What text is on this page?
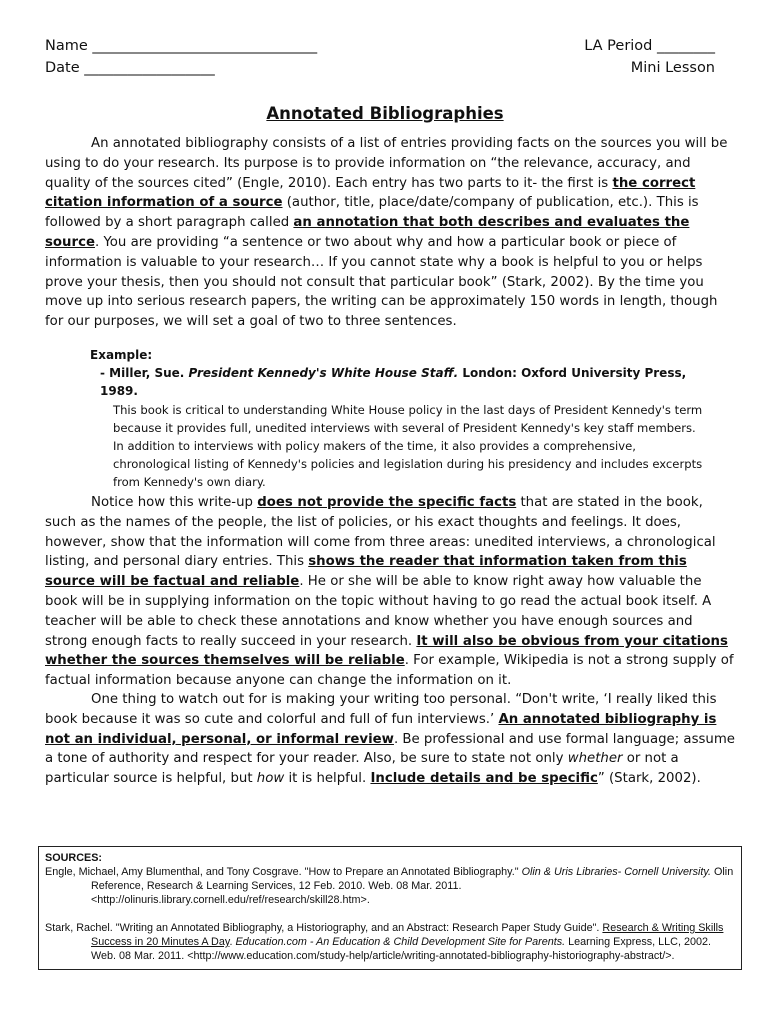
Name _______________________________
Date __________________
LA Period ________
Mini Lesson
Annotated Bibliographies
An annotated bibliography consists of a list of entries providing facts on the sources you will be using to do your research. Its purpose is to provide information on “the relevance, accuracy, and quality of the sources cited” (Engle, 2010). Each entry has two parts to it- the first is the correct citation information of a source (author, title, place/date/company of publication, etc.). This is followed by a short paragraph called an annotation that both describes and evaluates the source. You are providing “a sentence or two about why and how a particular book or piece of information is valuable to your research… If you cannot state why a book is helpful to you or helps prove your thesis, then you should not consult that particular book” (Stark, 2002). By the time you move up into serious research papers, the writing can be approximately 150 words in length, though for our purposes, we will set a goal of two to three sentences.
Example:
- Miller, Sue. President Kennedy's White House Staff. London: Oxford University Press, 1989.
This book is critical to understanding White House policy in the last days of President Kennedy's term because it provides full, unedited interviews with several of President Kennedy's key staff members. In addition to interviews with policy makers of the time, it also provides a comprehensive, chronological listing of Kennedy's policies and legislation during his presidency and includes excerpts from Kennedy's own diary.
Notice how this write-up does not provide the specific facts that are stated in the book, such as the names of the people, the list of policies, or his exact thoughts and feelings. It does, however, show that the information will come from three areas: unedited interviews, a chronological listing, and personal diary entries. This shows the reader that information taken from this source will be factual and reliable. He or she will be able to know right away how valuable the book will be in supplying information on the topic without having to go read the actual book itself. A teacher will be able to check these annotations and know whether you have enough sources and strong enough facts to really succeed in your research. It will also be obvious from your citations whether the sources themselves will be reliable. For example, Wikipedia is not a strong supply of factual information because anyone can change the information on it.
One thing to watch out for is making your writing too personal. “Don't write, ‘I really liked this book because it was so cute and colorful and full of fun interviews.’ An annotated bibliography is not an individual, personal, or informal review. Be professional and use formal language; assume a tone of authority and respect for your reader. Also, be sure to state not only whether or not a particular source is helpful, but how it is helpful. Include details and be specific” (Stark, 2002).
SOURCES:
Engle, Michael, Amy Blumenthal, and Tony Cosgrave. "How to Prepare an Annotated Bibliography." Olin & Uris Libraries- Cornell University. Olin Reference, Research & Learning Services, 12 Feb. 2010. Web. 08 Mar. 2011. <http://olinuris.library.cornell.edu/ref/research/skill28.htm>.
Stark, Rachel. "Writing an Annotated Bibliography, a Historiography, and an Abstract: Research Paper Study Guide". Research & Writing Skills Success in 20 Minutes A Day. Education.com - An Education & Child Development Site for Parents. Learning Express, LLC, 2002. Web. 08 Mar. 2011. <http://www.education.com/study-help/article/writing-annotated-bibliography-historiography-abstract/>.
